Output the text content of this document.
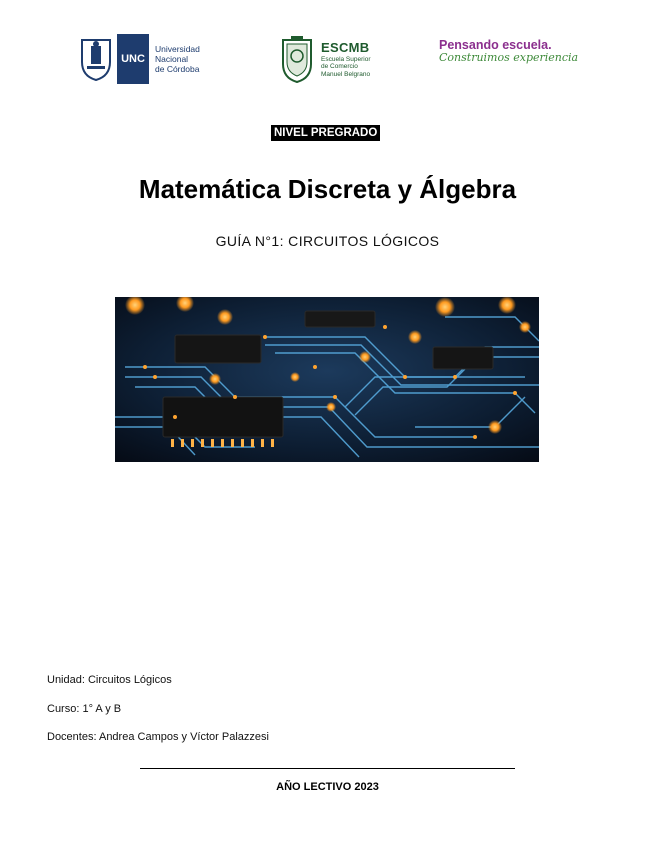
UNC
Universidad
Nacional
de Córdoba
ESCMB
Escuela Superior
de Comercio
Manuel Belgrano
Pensando escuela.
Construimos experiencia
NIVEL PREGRADO
Matemática Discreta y Álgebra
GUÍA N°1: CIRCUITOS LÓGICOS
Unidad: Circuitos Lógicos
Curso: 1° A y B
Docentes: Andrea Campos y Víctor Palazzesi
AÑO LECTIVO 2023
